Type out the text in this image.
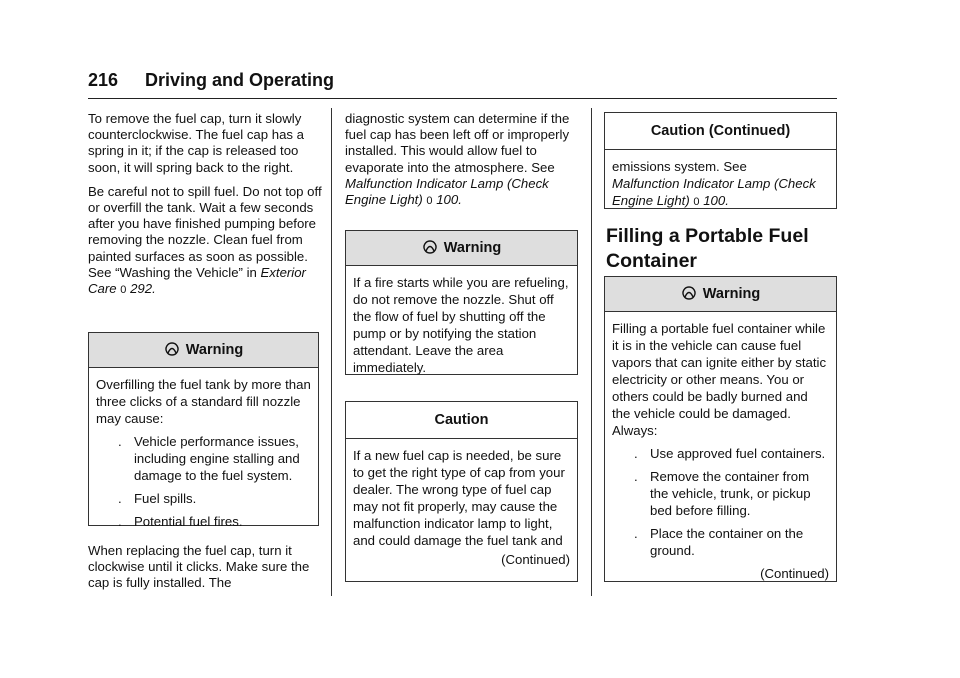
216 Driving and Operating

To remove the fuel cap, turn it slowly counterclockwise. The fuel cap has a spring in it; if the cap is released too soon, it will spring back to the right.

Be careful not to spill fuel. Do not top off or overfill the tank. Wait a few seconds after you have finished pumping before removing the nozzle. Clean fuel from painted surfaces as soon as possible. See “Washing the Vehicle” in Exterior Care 0 292.

Warning
Overfilling the fuel tank by more than three clicks of a standard fill nozzle may cause:
. Vehicle performance issues, including engine stalling and damage to the fuel system.
. Fuel spills.
. Potential fuel fires.

When replacing the fuel cap, turn it clockwise until it clicks. Make sure the cap is fully installed. The

diagnostic system can determine if the fuel cap has been left off or improperly installed. This would allow fuel to evaporate into the atmosphere. See Malfunction Indicator Lamp (Check Engine Light) 0 100.

Warning
If a fire starts while you are refueling, do not remove the nozzle. Shut off the flow of fuel by shutting off the pump or by notifying the station attendant. Leave the area immediately.
Caution
If a new fuel cap is needed, be sure to get the right type of cap from your dealer. The wrong type of fuel cap may not fit properly, may cause the malfunction indicator lamp to light, and could damage the fuel tank and
(Continued)
Caution (Continued)
emissions system. See
Malfunction Indicator Lamp (Check Engine Light) 0 100.
Filling a Portable Fuel Container
Warning
Filling a portable fuel container while it is in the vehicle can cause fuel vapors that can ignite either by static electricity or other means. You or others could be badly burned and the vehicle could be damaged. Always:
. Use approved fuel containers.
. Remove the container from the vehicle, trunk, or pickup bed before filling.
. Place the container on the ground.
(Continued)
